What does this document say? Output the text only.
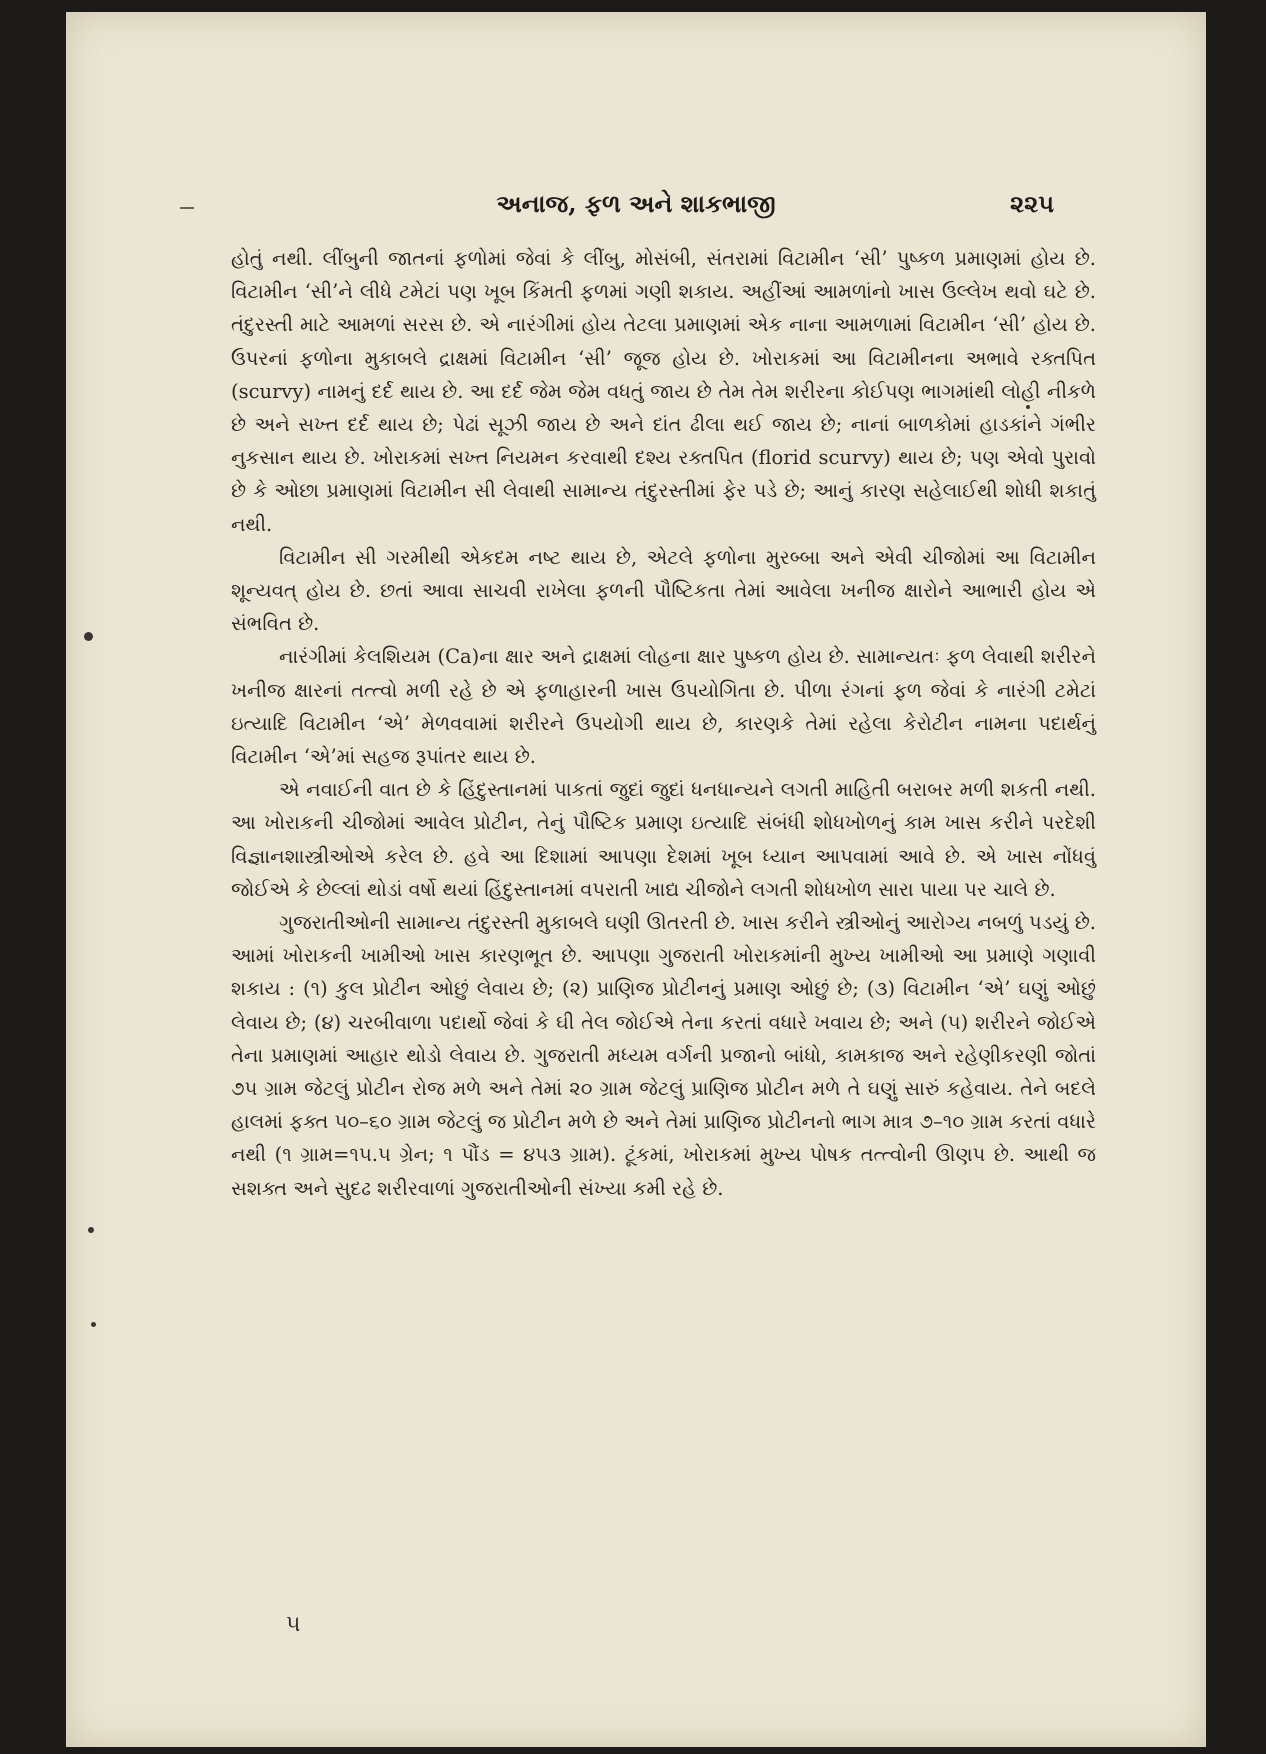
અનાજ, ફળ અને શાકભાજી	૨૨૫

હોતું નથી. લીંબુની જાતનાં ફળોમાં જેવાં કે લીંબુ, મોસંબી, સંતરામાં વિટામીન ‘સી’ પુષ્કળ પ્રમાણમાં હોય છે. વિટામીન ‘સી’ને લીધે ટમેટાં પણ ખૂબ કિંમતી ફળમાં ગણી શકાય. અહીંઆં આમળાંનો ખાસ ઉલ્લેખ થવો ઘટે છે. તંદુરસ્તી માટે આમળાં સરસ છે. એ નારંગીમાં હોય તેટલા પ્રમાણમાં એક નાના આમળામાં વિટામીન ‘સી’ હોય છે. ઉપરનાં ફળોના મુકાબલે દ્રાક્ષમાં વિટામીન ‘સી’ જૂજ હોય છે. ખોરાકમાં આ વિટામીનના અભાવે રક્તપિત (scurvy) નામનું દર્દ થાય છે. આ દર્દ જેમ જેમ વધતું જાય છે તેમ તેમ શરીરના કોઈપણ ભાગમાંથી લોહી નીકળે છે અને સખ્ત દર્દ થાય છે; પેઢાં સૂઝી જાય છે અને દાંત ઢીલા થઈ જાય છે; નાનાં બાળકોમાં હાડકાંને ગંભીર નુકસાન થાય છે. ખોરાકમાં સખ્ત નિયમન કરવાથી દશ્ય રક્તપિત (florid scurvy) થાય છે; પણ એવો પુરાવો છે કે ઓછા પ્રમાણમાં વિટામીન સી લેવાથી સામાન્ય તંદુરસ્તીમાં ફેર પડે છે; આનું કારણ સહેલાઈથી શોધી શકાતું નથી.

વિટામીન સી ગરમીથી એકદમ નષ્ટ થાય છે, એટલે ફળોના મુરબ્બા અને એવી ચીજોમાં આ વિટામીન શૂન્યવત્ હોય છે. છતાં આવા સાચવી રાખેલા ફળની પૌષ્ટિકતા તેમાં આવેલા ખનીજ ક્ષારોને આભારી હોય એ સંભવિત છે.

નારંગીમાં કેલશિયમ (Ca)ના ક્ષાર અને દ્રાક્ષમાં લોહના ક્ષાર પુષ્કળ હોય છે. સામાન્યતઃ ફળ લેવાથી શરીરને ખનીજ ક્ષારનાં તત્ત્વો મળી રહે છે એ ફળાહારની ખાસ ઉપયોગિતા છે. પીળા રંગનાં ફળ જેવાં કે નારંગી ટમેટાં ઇત્યાદિ વિટામીન ‘એ’ મેળવવામાં શરીરને ઉપયોગી થાય છે, કારણકે તેમાં રહેલા કેરોટીન નામના પદાર્થનું વિટામીન ‘એ’માં સહજ રૂપાંતર થાય છે.

એ નવાઈની વાત છે કે હિંદુસ્તાનમાં પાકતાં જુદાં જુદાં ધનધાન્યને લગતી માહિતી બરાબર મળી શકતી નથી. આ ખોરાકની ચીજોમાં આવેલ પ્રોટીન, તેનું પૌષ્ટિક પ્રમાણ ઇત્યાદિ સંબંધી શોધખોળનું કામ ખાસ કરીને પરદેશી વિજ્ઞાનશાસ્ત્રીઓએ કરેલ છે. હવે આ દિશામાં આપણા દેશમાં ખૂબ ધ્યાન આપવામાં આવે છે. એ ખાસ નોંધવું જોઈએ કે છેલ્લાં થોડાં વર્ષો થયાં હિંદુસ્તાનમાં વપરાતી ખાદ્ય ચીજોને લગતી શોધખોળ સારા પાયા પર ચાલે છે.

ગુજરાતીઓની સામાન્ય તંદુરસ્તી મુકાબલે ઘણી ઊતરતી છે. ખાસ કરીને સ્ત્રીઓનું આરોગ્ય નબળું પડયું છે. આમાં ખોરાકની ખામીઓ ખાસ કારણભૂત છે. આપણા ગુજરાતી ખોરાકમાંની મુખ્ય ખામીઓ આ પ્રમાણે ગણાવી શકાય : (૧) કુલ પ્રોટીન ઓછું લેવાય છે; (૨) પ્રાણિજ પ્રોટીનનું પ્રમાણ ઓછું છે; (૩) વિટામીન ‘એ’ ઘણું ઓછું લેવાય છે; (૪) ચરબીવાળા પદાર્થો જેવાં કે ઘી તેલ જોઈએ તેના કરતાં વધારે ખવાય છે; અને (૫) શરીરને જોઈએ તેના પ્રમાણમાં આહાર થોડો લેવાય છે. ગુજરાતી મધ્યમ વર્ગની પ્રજાનો બાંધો, કામકાજ અને રહેણીકરણી જોતાં ૭૫ ગ્રામ જેટલું પ્રોટીન રોજ મળે અને તેમાં ૨૦ ગ્રામ જેટલું પ્રાણિજ પ્રોટીન મળે તે ઘણું સારું કહેવાય. તેને બદલે હાલમાં ફક્ત ૫૦–૬૦ ગ્રામ જેટલું જ પ્રોટીન મળે છે અને તેમાં પ્રાણિજ પ્રોટીનનો ભાગ માત્ર ૭–૧૦ ગ્રામ કરતાં વધારે નથી (૧ ગ્રામ=૧૫.૫ ગ્રેન; ૧ પૌંડ = ૪૫૩ ગ્રામ). ટૂંકમાં, ખોરાકમાં મુખ્ય પોષક તત્ત્વોની ઊણપ છે. આથી જ સશક્ત અને સુદઢ શરીરવાળાં ગુજરાતીઓની સંખ્યા કમી રહે છે.

૫
